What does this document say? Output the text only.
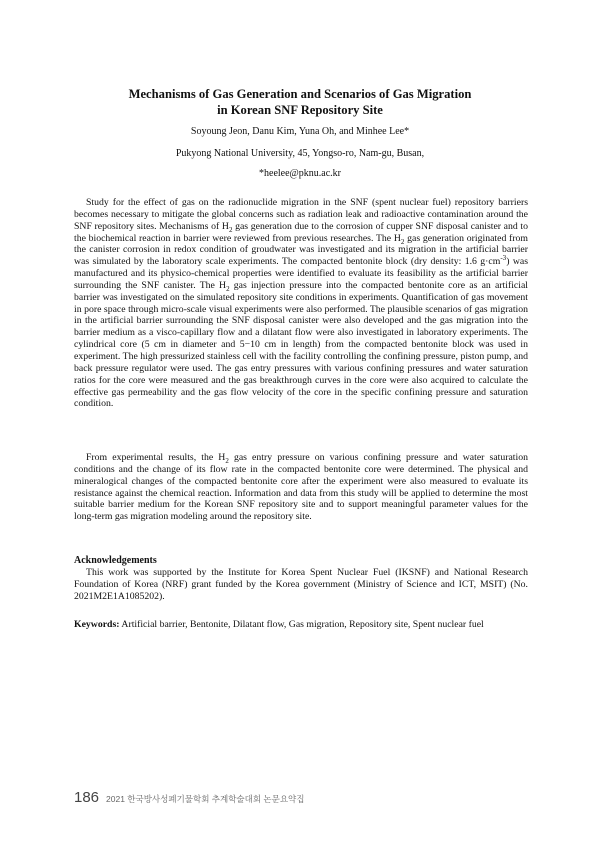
Mechanisms of Gas Generation and Scenarios of Gas Migration
in Korean SNF Repository Site
Soyoung Jeon, Danu Kim, Yuna Oh, and Minhee Lee*
Pukyong National University, 45, Yongso-ro, Nam-gu, Busan,
*heelee@pknu.ac.kr
Study for the effect of gas on the radionuclide migration in the SNF (spent nuclear fuel) repository barriers becomes necessary to mitigate the global concerns such as radiation leak and radioactive contamination around the SNF repository sites. Mechanisms of $H_2$ gas generation due to the corrosion of cupper SNF disposal canister and to the biochemical reaction in barrier were reviewed from previous researches. The $H_2$ gas generation originated from the canister corrosion in redox condition of groudwater was investigated and its migration in the artificial barrier was simulated by the laboratory scale experiments. The compacted bentonite block (dry density: 1.6 $g\cdot cm^{-3}$) was manufactured and its physico-chemical properties were identified to evaluate its feasibility as the artificial barrier surrounding the SNF canister. The $H_2$ gas injection pressure into the compacted bentonite core as an artificial barrier was investigated on the simulated repository site conditions in experiments. Quantification of gas movement in pore space through micro-scale visual experiments were also performed. The plausible scenarios of gas migration in the artificial barrier surrounding the SNF disposal canister were also developed and the gas migration into the barrier medium as a visco-capillary flow and a dilatant flow were also investigated in laboratory experiments. The cylindrical core (5 cm in diameter and 5−10 cm in length) from the compacted bentonite block was used in experiment. The high pressurized stainless cell with the facility controlling the confining pressure, piston pump, and back pressure regulator were used. The gas entry pressures with various confining pressures and water saturation ratios for the core were measured and the gas breakthrough curves in the core were also acquired to calculate the effective gas permeability and the gas flow velocity of the core in the specific confining pressure and saturation condition.
From experimental results, the $H_2$ gas entry pressure on various confining pressure and water saturation conditions and the change of its flow rate in the compacted bentonite core were determined. The physical and mineralogical changes of the compacted bentonite core after the experiment were also measured to evaluate its resistance against the chemical reaction. Information and data from this study will be applied to determine the most suitable barrier medium for the Korean SNF repository site and to support meaningful parameter values for the long-term gas migration modeling around the repository site.
Acknowledgements
This work was supported by the Institute for Korea Spent Nuclear Fuel (IKSNF) and National Research Foundation of Korea (NRF) grant funded by the Korea government (Ministry of Science and ICT, MSIT) (No. 2021M2E1A1085202).
Keywords: Artificial barrier, Bentonite, Dilatant flow, Gas migration, Repository site, Spent nuclear fuel
186 2021 한국방사성폐기물학회 추계학술대회 논문요약집
